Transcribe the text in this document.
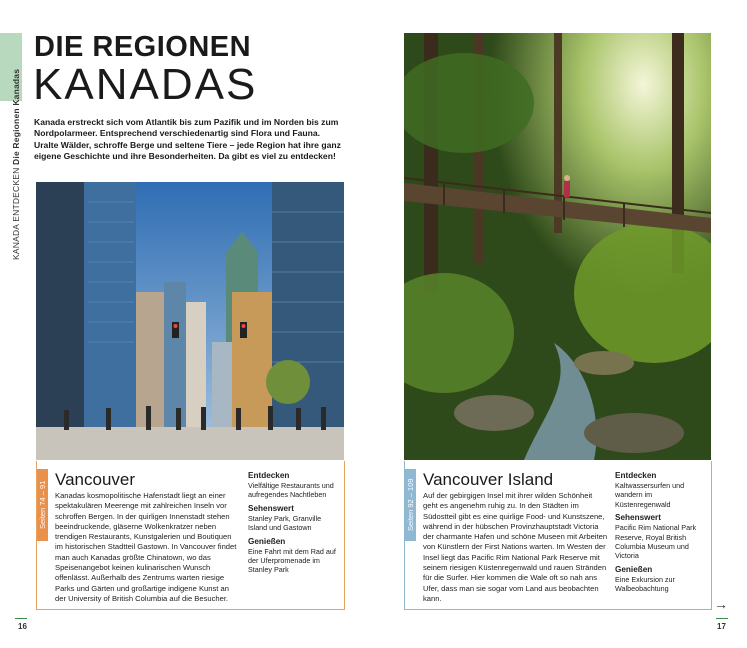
KANADA ENTDECKEN Die Regionen Kanadas
DIE REGIONEN
KANADAS
Kanada erstreckt sich vom Atlantik bis zum Pazifik und im Norden bis zum Nordpolarmeer. Entsprechend verschiedenartig sind Flora und Fauna. Uralte Wälder, schroffe Berge und seltene Tiere – jede Region hat ihre ganz eigene Geschichte und ihre Besonderheiten. Da gibt es viel zu entdecken!
Seiten 74 – 91
Vancouver
Kanadas kosmopolitische Hafenstadt liegt an einer spektakulären Meerenge mit zahlreichen Inseln vor schroffen Bergen. In der quirligen Innenstadt stehen beeindruckende, gläserne Wolkenkratzer neben trendigen Restaurants, Kunstgalerien und Boutiquen im historischen Stadtteil Gastown. In Vancouver findet man auch Kanadas größte Chinatown, wo das Speisenangebot keinen kulinarischen Wunsch offenlässt. Außerhalb des Zentrums warten riesige Parks und Gärten und großartige indigene Kunst an der University of British Columbia auf die Besucher.
Entdecken
Vielfältige Restaurants und aufregendes Nachtleben
Sehenswert
Stanley Park, Granville Island und Gastown
Genießen
Eine Fahrt mit dem Rad auf der Uferpromenade im Stanley Park
16
Seiten 92 – 109 Vancouver Island
Auf der gebirgigen Insel mit ihrer wilden Schönheit geht es angenehm ruhig zu. In den Städten im Südostteil gibt es eine quirlige Food- und Kunstszene, während in der hübschen Provinzhauptstadt Victoria der charmante Hafen und schöne Museen mit Arbeiten von Künstlern der First Nations warten. Im Westen der Insel liegt das Pacific Rim National Park Reserve mit seinem riesigen Küstenregenwald und rauen Stränden für die Surfer. Hier kommen die Wale oft so nah ans Ufer, dass man sie sogar vom Land aus beobachten kann.
Entdecken
Kaltwassersurfen und wandern im Küstenregenwald
Sehenswert
Pacific Rim National Park Reserve, Royal British Columbia Museum und Victoria
Genießen
Eine Exkursion zur Walbeobachtung
→
17
